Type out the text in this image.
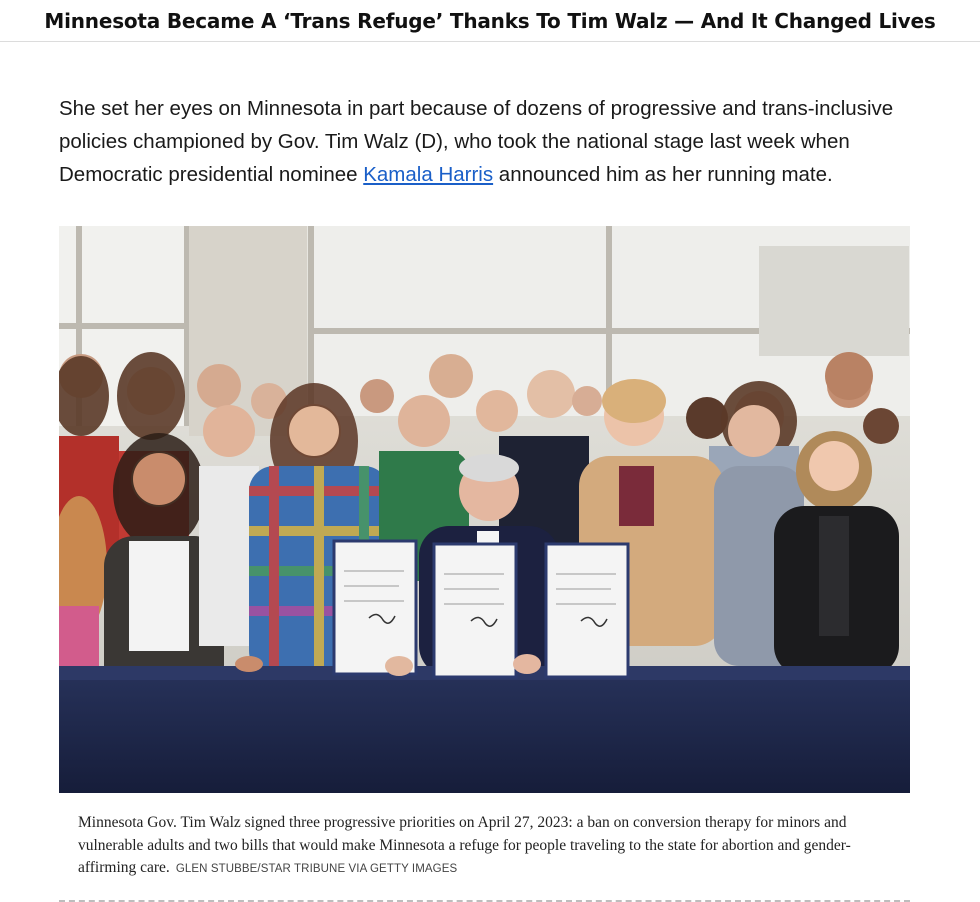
Minnesota Became A ‘Trans Refuge’ Thanks To Tim Walz — And It Changed Lives

She set her eyes on Minnesota in part because of dozens of progressive and trans-inclusive policies championed by Gov. Tim Walz (D), who took the national stage last week when Democratic presidential nominee Kamala Harris announced him as her running mate.

Minnesota Gov. Tim Walz signed three progressive priorities on April 27, 2023: a ban on conversion therapy for minors and vulnerable adults and two bills that would make Minnesota a refuge for people traveling to the state for abortion and gender-affirming care. GLEN STUBBE/STAR TRIBUNE VIA GETTY IMAGES
